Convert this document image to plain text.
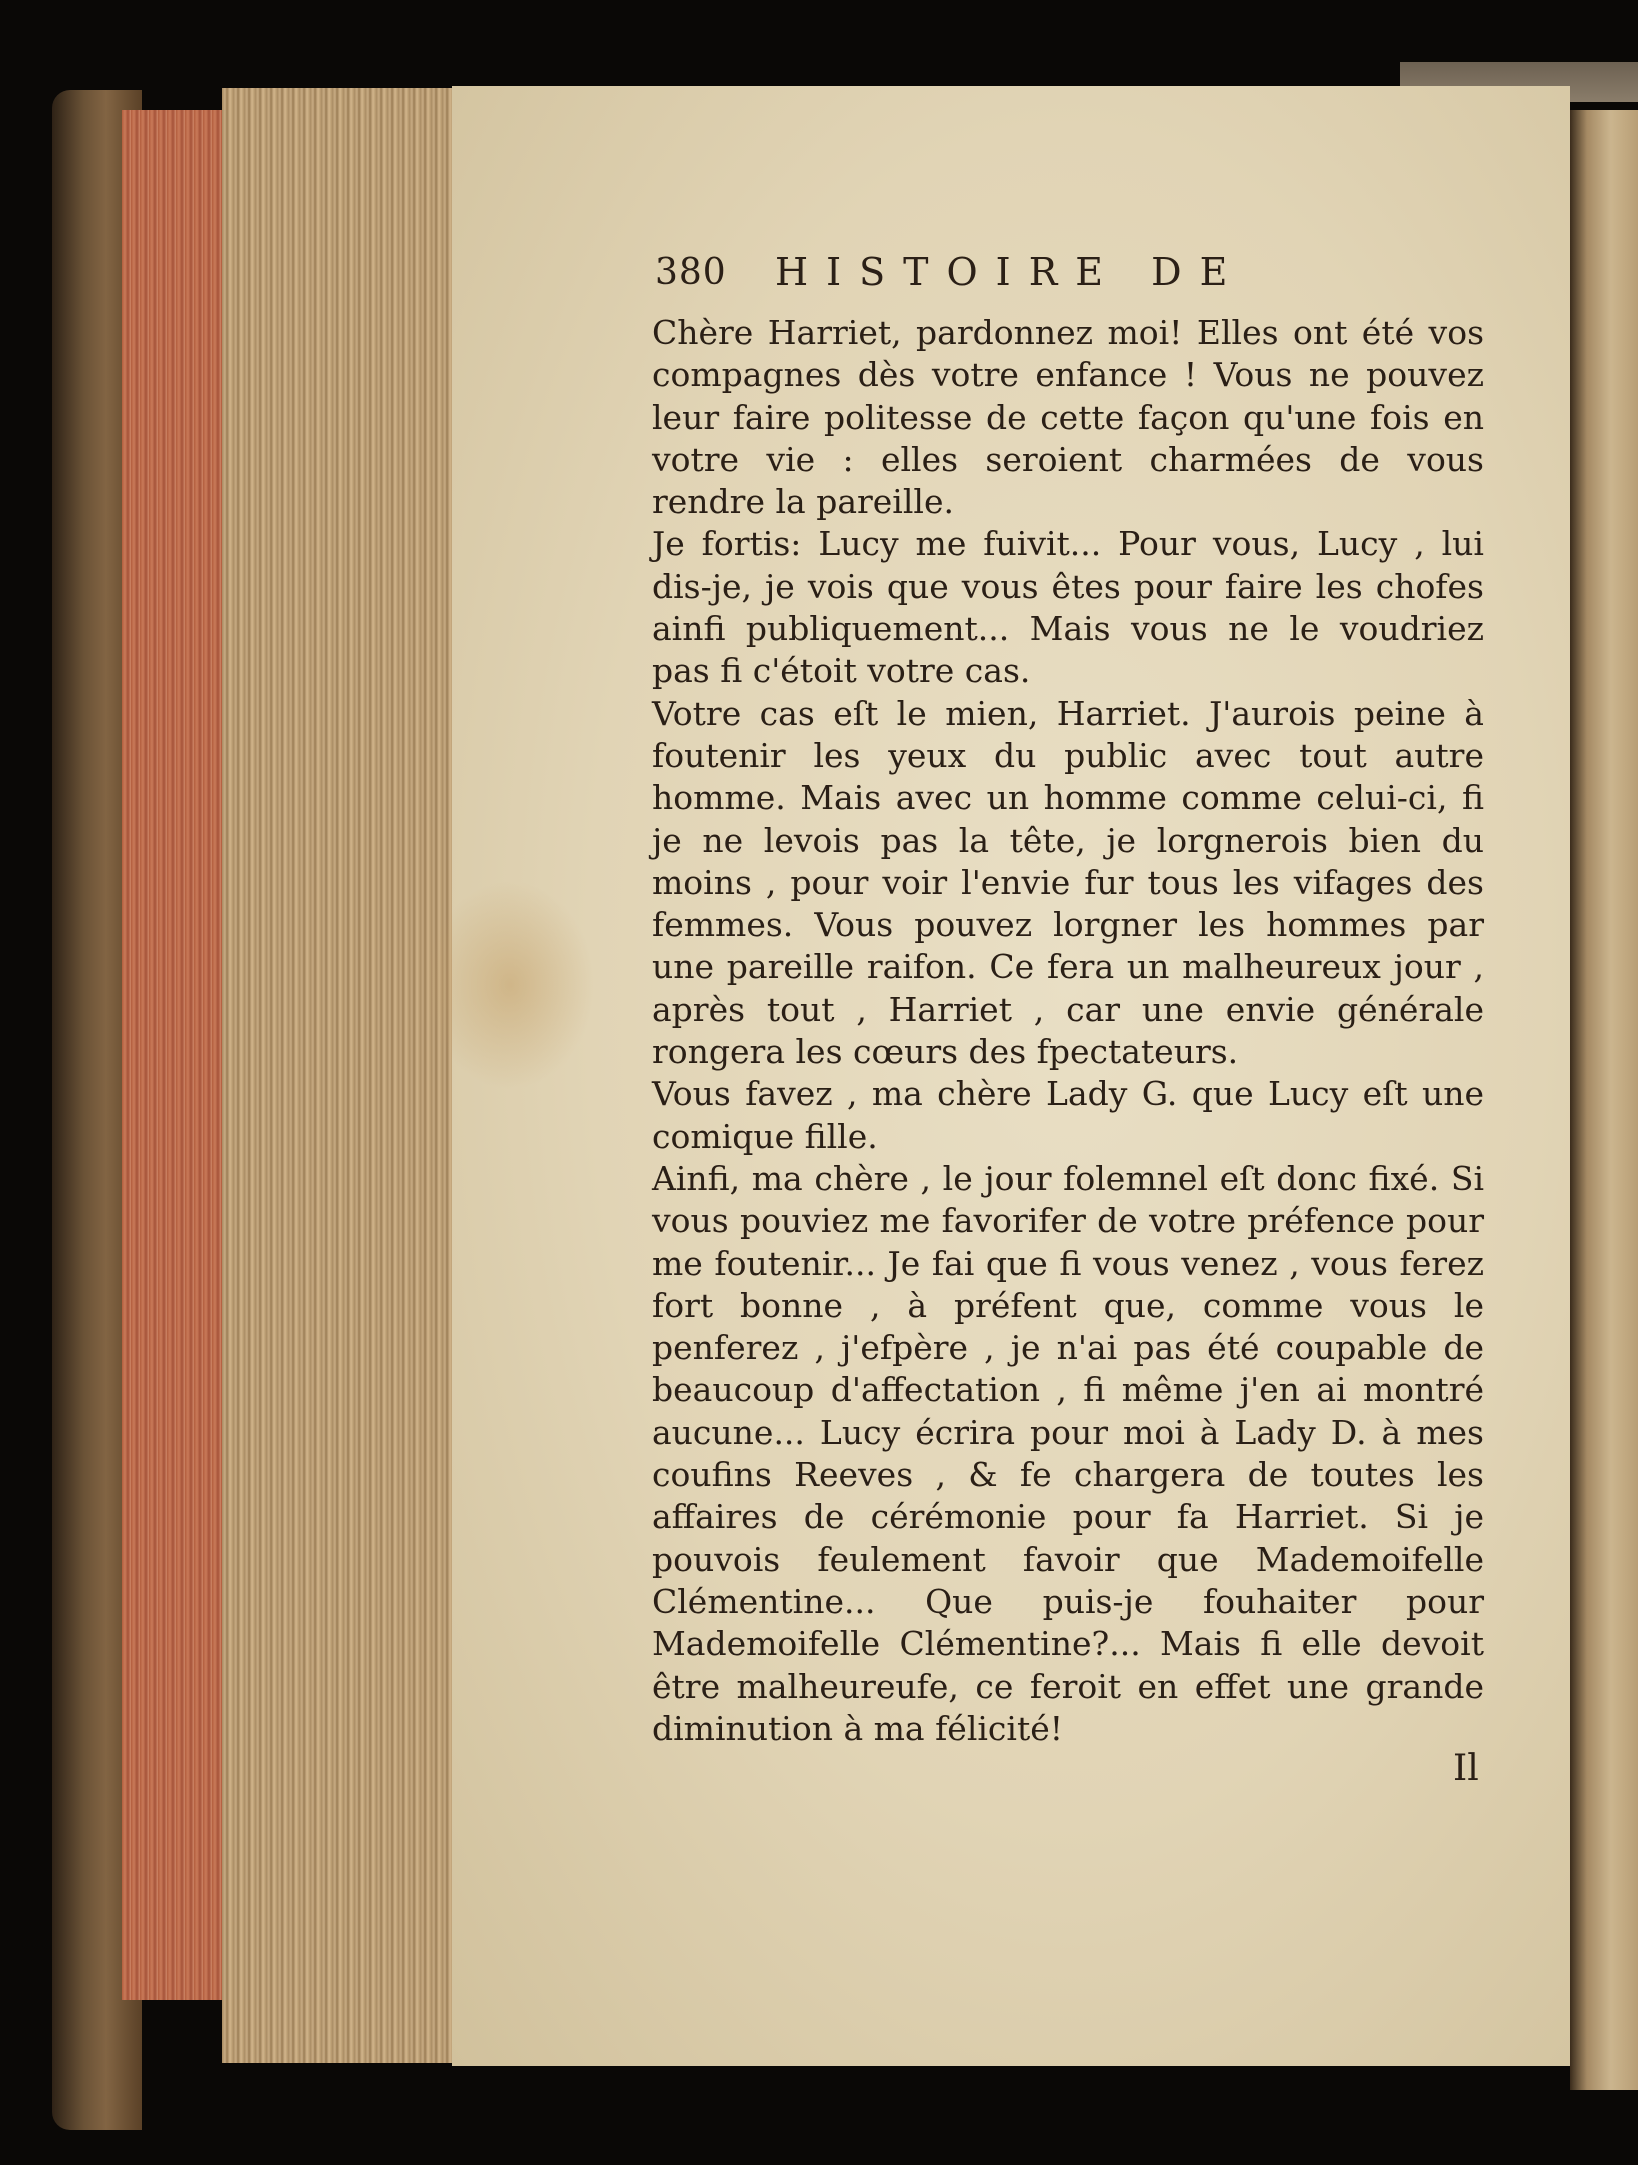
380 HISTOIRE DE

Chère Harriet, pardonnez moi! Elles ont été vos compagnes dès votre enfance ! Vous ne pouvez leur faire politesse de cette façon qu'une fois en votre vie : elles seroient charmées de vous rendre la pareille.

Je fortis: Lucy me fuivit... Pour vous, Lucy , lui dis-je, je vois que vous êtes pour faire les chofes ainfi publiquement... Mais vous ne le voudriez pas fi c'étoit votre cas.

Votre cas eſt le mien, Harriet. J'aurois peine à foutenir les yeux du public avec tout autre homme. Mais avec un homme comme celui-ci, fi je ne levois pas la tête, je lorgnerois bien du moins , pour voir l'envie fur tous les vifages des femmes. Vous pouvez lorgner les hommes par une pareille raifon. Ce fera un malheureux jour , après tout , Harriet , car une envie générale rongera les cœurs des fpectateurs.

Vous favez , ma chère Lady G. que Lucy eſt une comique fille.

Ainfi, ma chère , le jour folemnel eſt donc fixé. Si vous pouviez me favorifer de votre préfence pour me foutenir... Je fai que fi vous venez , vous ferez fort bonne , à préfent que, comme vous le penferez , j'efpère , je n'ai pas été coupable de beaucoup d'affectation , fi même j'en ai montré aucune... Lucy écrira pour moi à Lady D. à mes coufins Reeves , & fe chargera de toutes les affaires de cérémonie pour fa Harriet. Si je pouvois feulement favoir que Mademoifelle Clémentine... Que puis-je fouhaiter pour Mademoifelle Clémentine?... Mais fi elle devoit être malheureufe, ce feroit en effet une grande diminution à ma félicité!

Il
